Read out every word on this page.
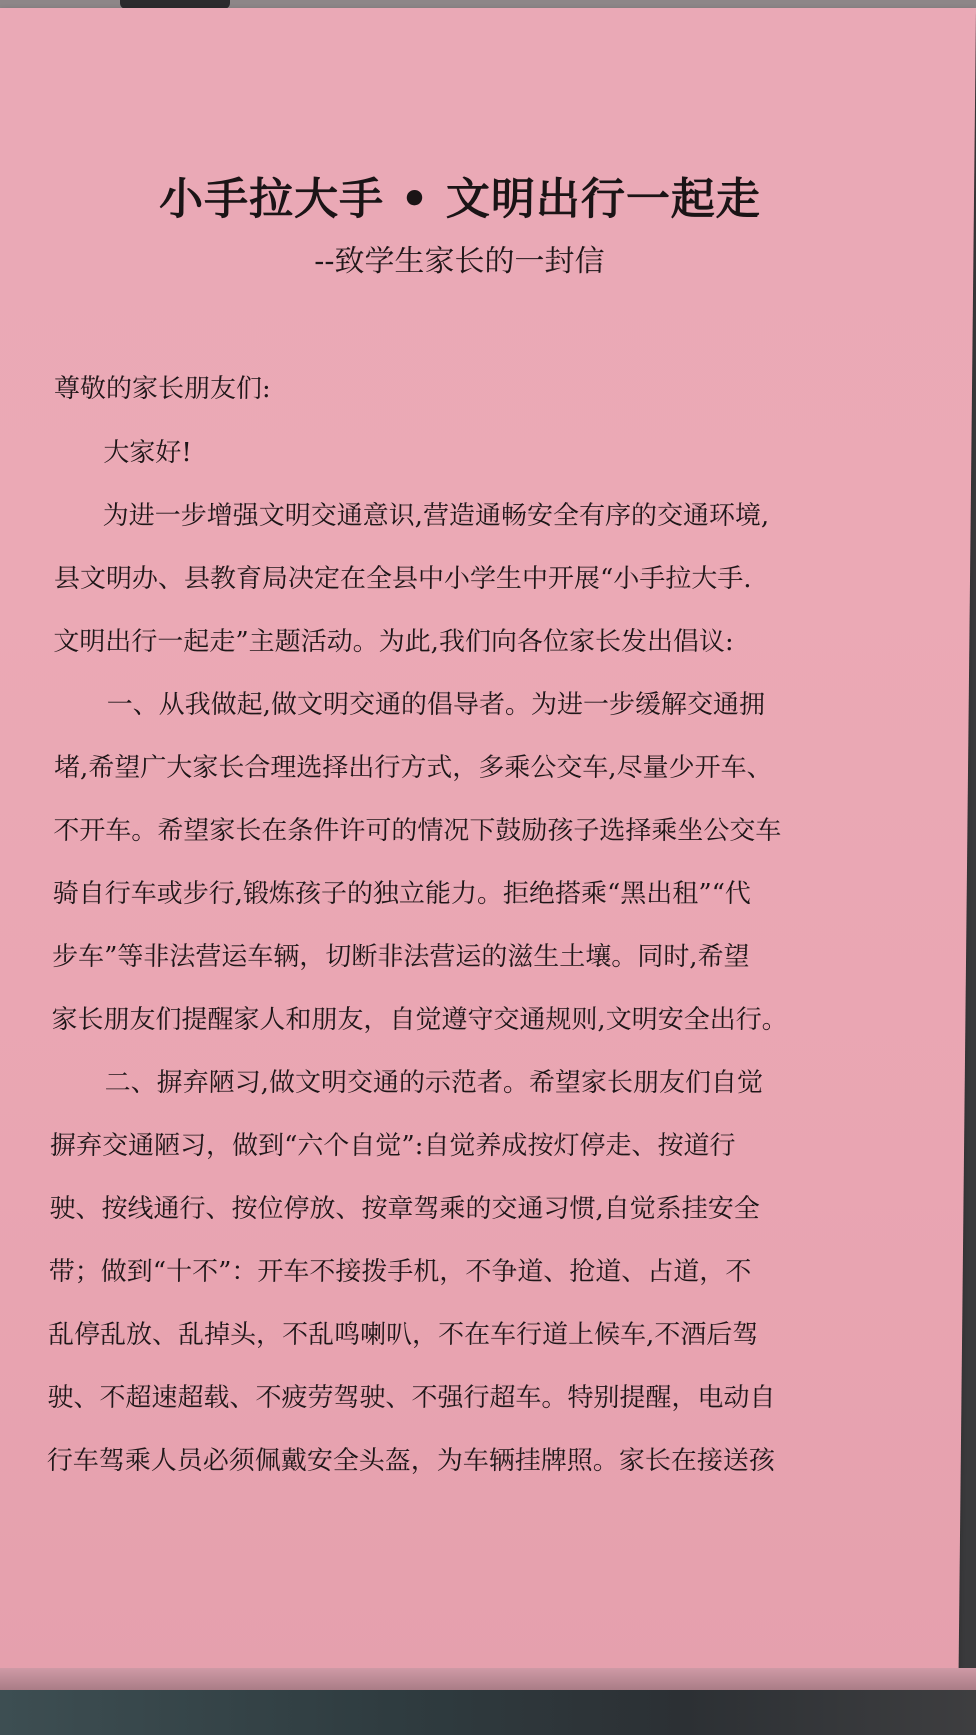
小手拉大手 • 文明出行一起走
--致学生家长的一封信
尊敬的家长朋友们:
大家好!
为进一步增强文明交通意识,营造通畅安全有序的交通环境,
县文明办、县教育局决定在全县中小学生中开展“小手拉大手.
文明出行一起走”主题活动。为此,我们向各位家长发出倡议:
一、从我做起,做文明交通的倡导者。为进一步缓解交通拥
堵,希望广大家长合理选择出行方式，多乘公交车,尽量少开车、
不开车。希望家长在条件许可的情况下鼓励孩子选择乘坐公交车
骑自行车或步行,锻炼孩子的独立能力。拒绝搭乘“黑出租”“代
步车”等非法营运车辆，切断非法营运的滋生土壤。同时,希望
家长朋友们提醒家人和朋友，自觉遵守交通规则,文明安全出行。
二、摒弃陋习,做文明交通的示范者。希望家长朋友们自觉
摒弃交通陋习，做到“六个自觉”:自觉养成按灯停走、按道行
驶、按线通行、按位停放、按章驾乘的交通习惯,自觉系挂安全
带；做到“十不”：开车不接拨手机，不争道、抢道、占道，不
乱停乱放、乱掉头，不乱鸣喇叭，不在车行道上候车,不酒后驾
驶、不超速超载、不疲劳驾驶、不强行超车。特别提醒，电动自
行车驾乘人员必须佩戴安全头盔，为车辆挂牌照。家长在接送孩
